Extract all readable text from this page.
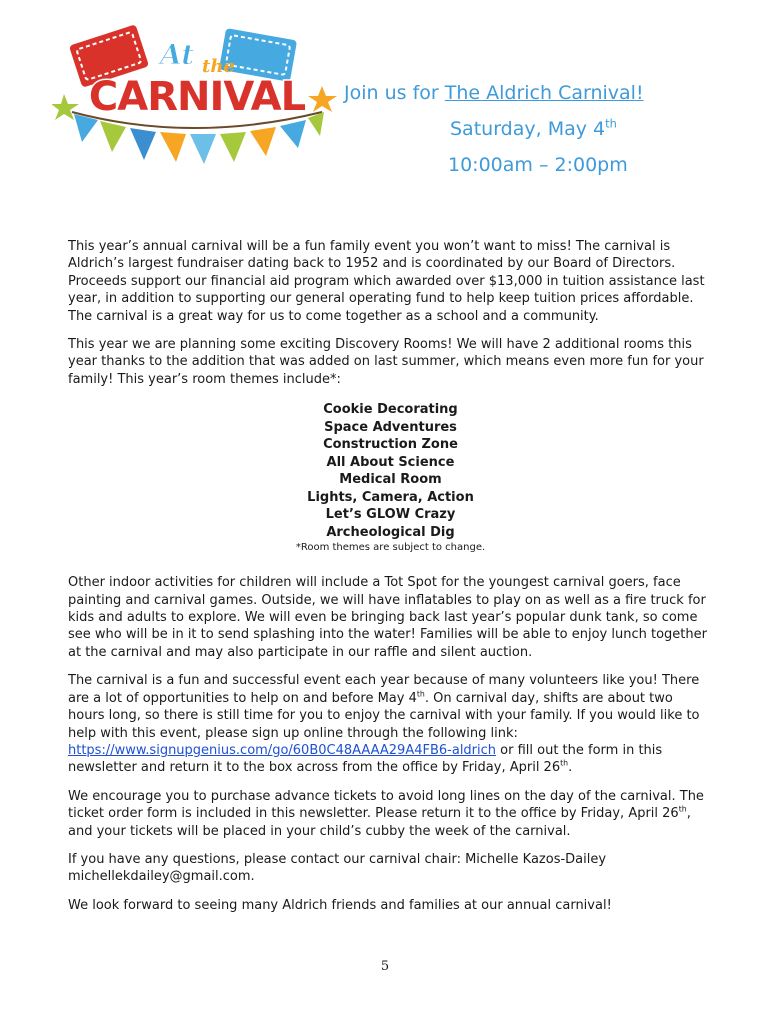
At the
CARNIVAL Join us for The Aldrich Carnival!
Saturday, May 4th
10:00am – 2:00pm

This year’s annual carnival will be a fun family event you won’t want to miss! The carnival is Aldrich’s largest fundraiser dating back to 1952 and is coordinated by our Board of Directors. Proceeds support our financial aid program which awarded over $13,000 in tuition assistance last year, in addition to supporting our general operating fund to help keep tuition prices affordable. The carnival is a great way for us to come together as a school and a community.

This year we are planning some exciting Discovery Rooms! We will have 2 additional rooms this year thanks to the addition that was added on last summer, which means even more fun for your family! This year’s room themes include*:

Cookie Decorating
Space Adventures
Construction Zone
All About Science
Medical Room
Lights, Camera, Action
Let’s GLOW Crazy
Archeological Dig
*Room themes are subject to change.

Other indoor activities for children will include a Tot Spot for the youngest carnival goers, face painting and carnival games. Outside, we will have inflatables to play on as well as a fire truck for kids and adults to explore. We will even be bringing back last year’s popular dunk tank, so come see who will be in it to send splashing into the water! Families will be able to enjoy lunch together at the carnival and may also participate in our raffle and silent auction.

The carnival is a fun and successful event each year because of many volunteers like you! There are a lot of opportunities to help on and before May 4th. On carnival day, shifts are about two hours long, so there is still time for you to enjoy the carnival with your family. If you would like to help with this event, please sign up online through the following link: https://www.signupgenius.com/go/60B0C48AAAA29A4FB6-aldrich or fill out the form in this newsletter and return it to the box across from the office by Friday, April 26th.

We encourage you to purchase advance tickets to avoid long lines on the day of the carnival. The ticket order form is included in this newsletter. Please return it to the office by Friday, April 26th, and your tickets will be placed in your child’s cubby the week of the carnival.

If you have any questions, please contact our carnival chair: Michelle Kazos-Dailey michellekdailey@gmail.com.

We look forward to seeing many Aldrich friends and families at our annual carnival!

5
